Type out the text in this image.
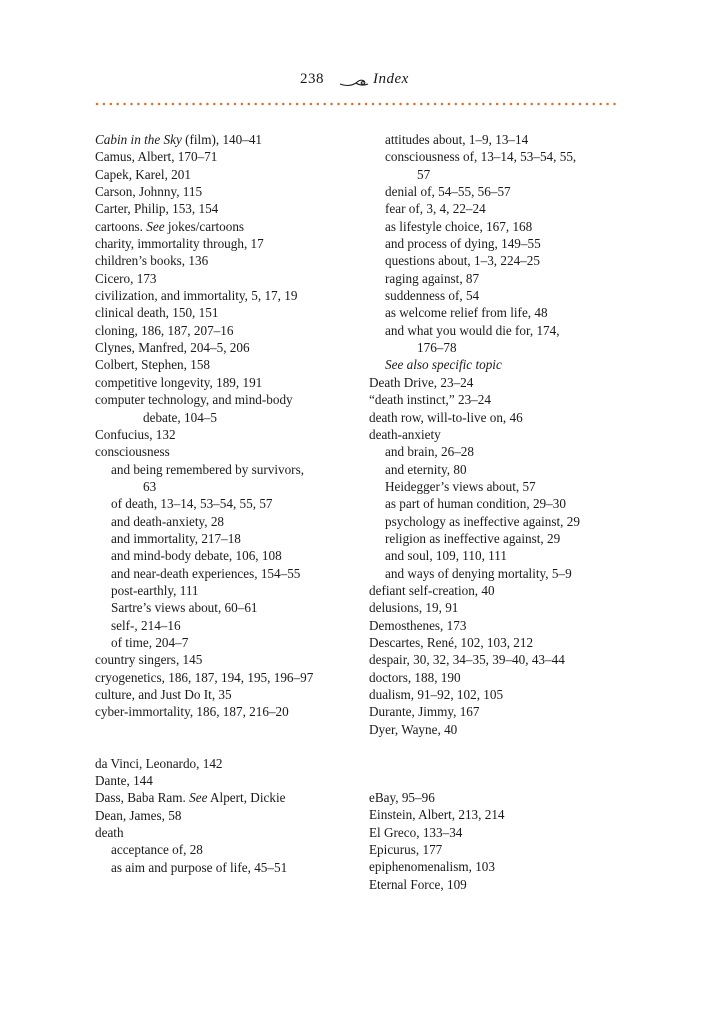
238	Index
Cabin in the Sky (film), 140–41
Camus, Albert, 170–71
Capek, Karel, 201
Carson, Johnny, 115
Carter, Philip, 153, 154
cartoons. See jokes/cartoons
charity, immortality through, 17
children’s books, 136
Cicero, 173
civilization, and immortality, 5, 17, 19
clinical death, 150, 151
cloning, 186, 187, 207–16
Clynes, Manfred, 204–5, 206
Colbert, Stephen, 158
competitive longevity, 189, 191
computer technology, and mind-body
debate, 104–5
Confucius, 132
consciousness
and being remembered by survivors,
63
of death, 13–14, 53–54, 55, 57
and death-anxiety, 28
and immortality, 217–18
and mind-body debate, 106, 108
and near-death experiences, 154–55
post-earthly, 111
Sartre’s views about, 60–61
self-, 214–16
of time, 204–7
country singers, 145
cryogenetics, 186, 187, 194, 195, 196–97
culture, and Just Do It, 35
cyber-immortality, 186, 187, 216–20
da Vinci, Leonardo, 142
Dante, 144
Dass, Baba Ram. See Alpert, Dickie
Dean, James, 58
death
acceptance of, 28
as aim and purpose of life, 45–51
attitudes about, 1–9, 13–14
consciousness of, 13–14, 53–54, 55,
57
denial of, 54–55, 56–57
fear of, 3, 4, 22–24
as lifestyle choice, 167, 168
and process of dying, 149–55
questions about, 1–3, 224–25
raging against, 87
suddenness of, 54
as welcome relief from life, 48
and what you would die for, 174,
176–78
See also specific topic
Death Drive, 23–24
“death instinct,” 23–24
death row, will-to-live on, 46
death-anxiety
and brain, 26–28
and eternity, 80
Heidegger’s views about, 57
as part of human condition, 29–30
psychology as ineffective against, 29
religion as ineffective against, 29
and soul, 109, 110, 111
and ways of denying mortality, 5–9
defiant self-creation, 40
delusions, 19, 91
Demosthenes, 173
Descartes, René, 102, 103, 212
despair, 30, 32, 34–35, 39–40, 43–44
doctors, 188, 190
dualism, 91–92, 102, 105
Durante, Jimmy, 167
Dyer, Wayne, 40
eBay, 95–96
Einstein, Albert, 213, 214
El Greco, 133–34
Epicurus, 177
epiphenomenalism, 103
Eternal Force, 109
